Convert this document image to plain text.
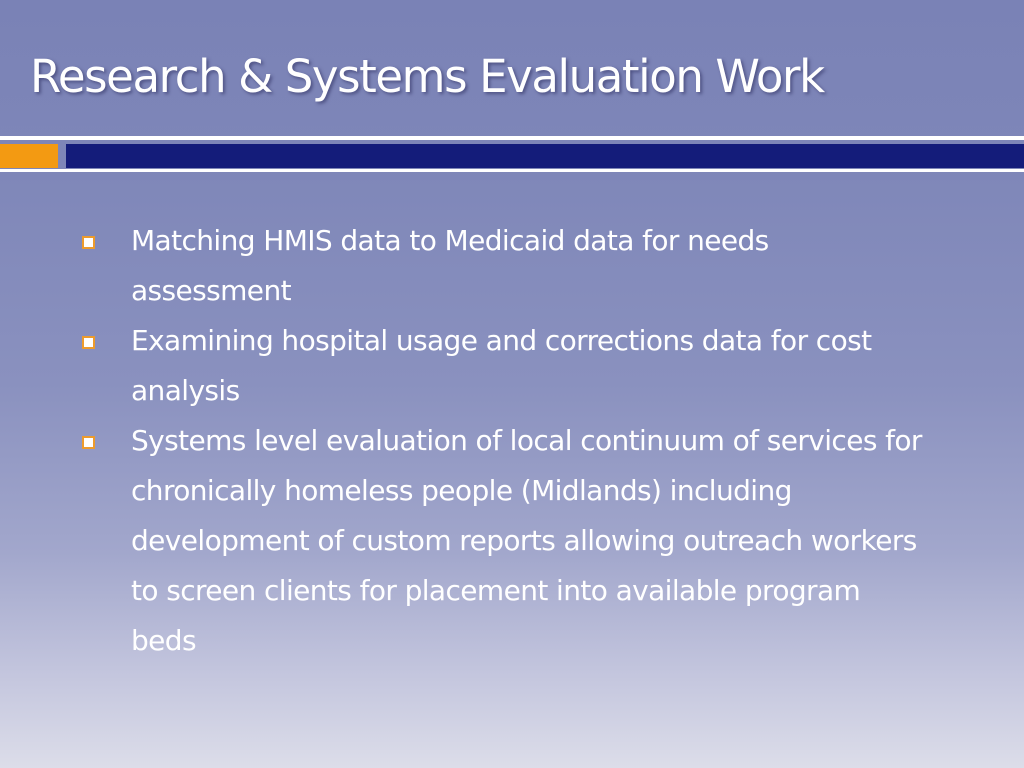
Research & Systems Evaluation Work
Matching HMIS data to Medicaid data for needs assessment
Examining hospital usage and corrections data for cost analysis
Systems level evaluation of local continuum of services for chronically homeless people (Midlands) including development of custom reports allowing outreach workers to screen clients for placement into available program beds
